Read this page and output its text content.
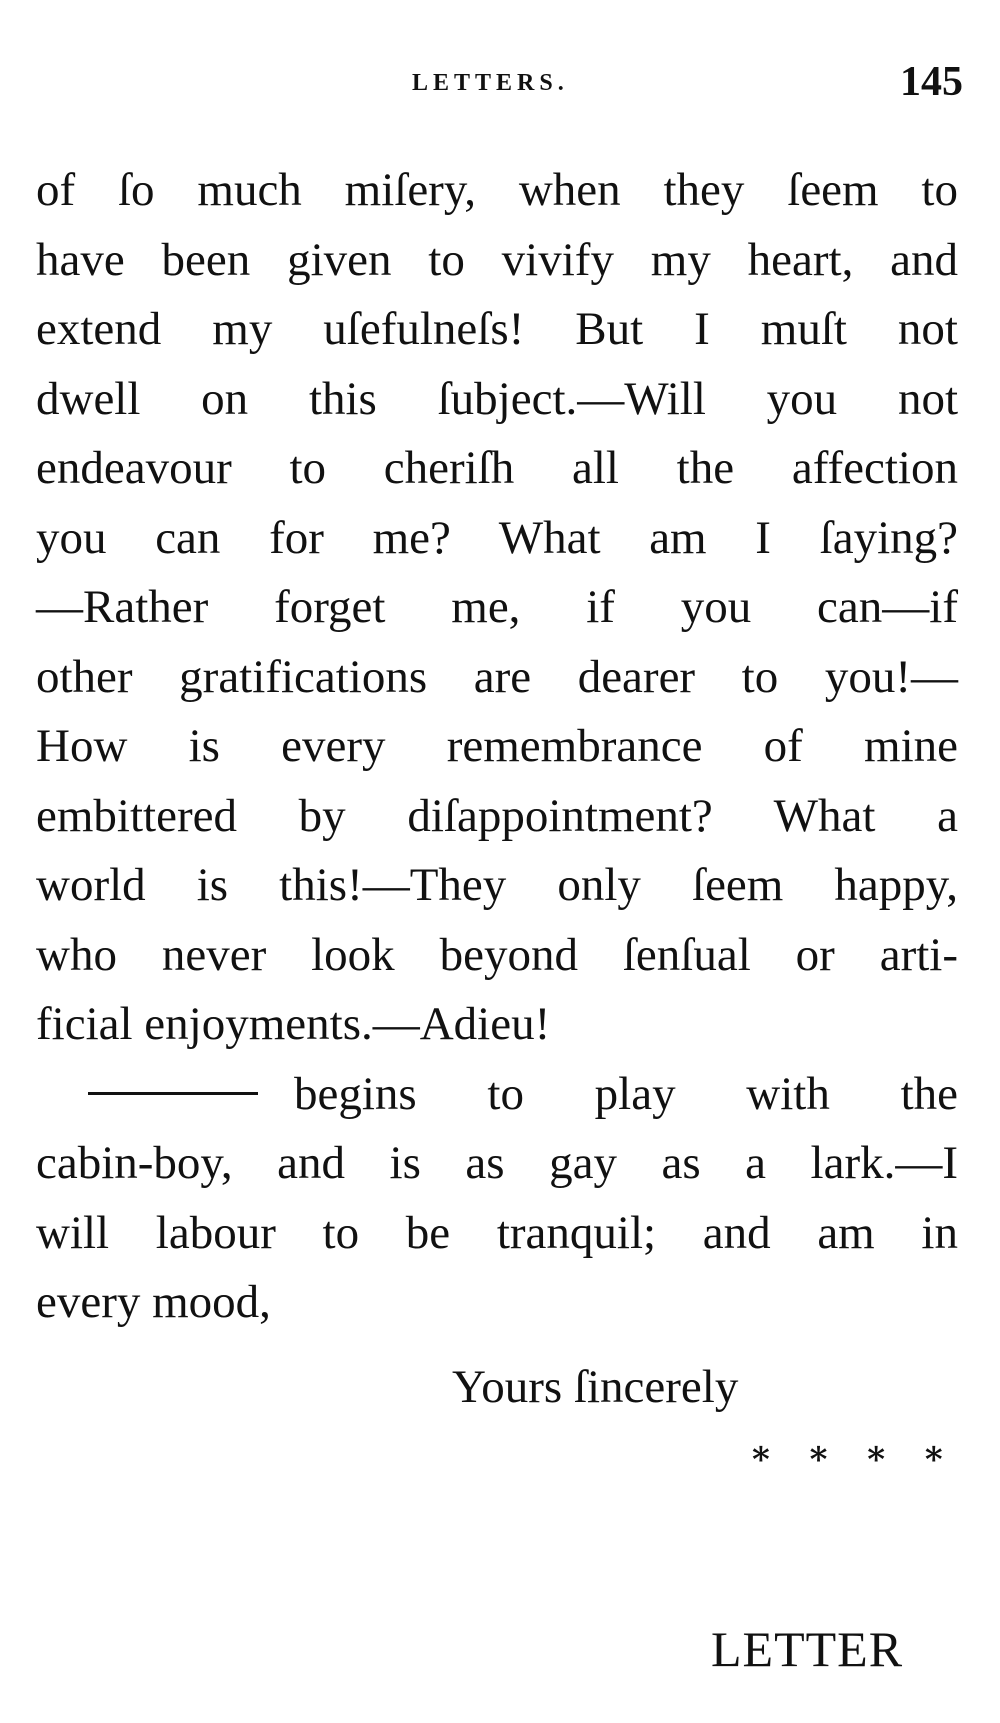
LETTERS.	145
of ſo much miſery, when they ſeem to
have been given to vivify my heart, and
extend my uſefulneſs! But I muſt not
dwell on this ſubject.—Will you not
endeavour to cheriſh all the affection
you can for me? What am I ſaying?
—Rather forget me, if you can—if
other gratifications are dearer to you!—
How is every remembrance of mine
embittered by diſappointment? What a
world is this!—They only ſeem happy,
who never look beyond ſenſual or arti-
ficial enjoyments.—Adieu!
begins to play with the
cabin-boy, and is as gay as a lark.—I
will labour to be tranquil; and am in
every mood,
Yours ſincerely
* * * *
LETTER
